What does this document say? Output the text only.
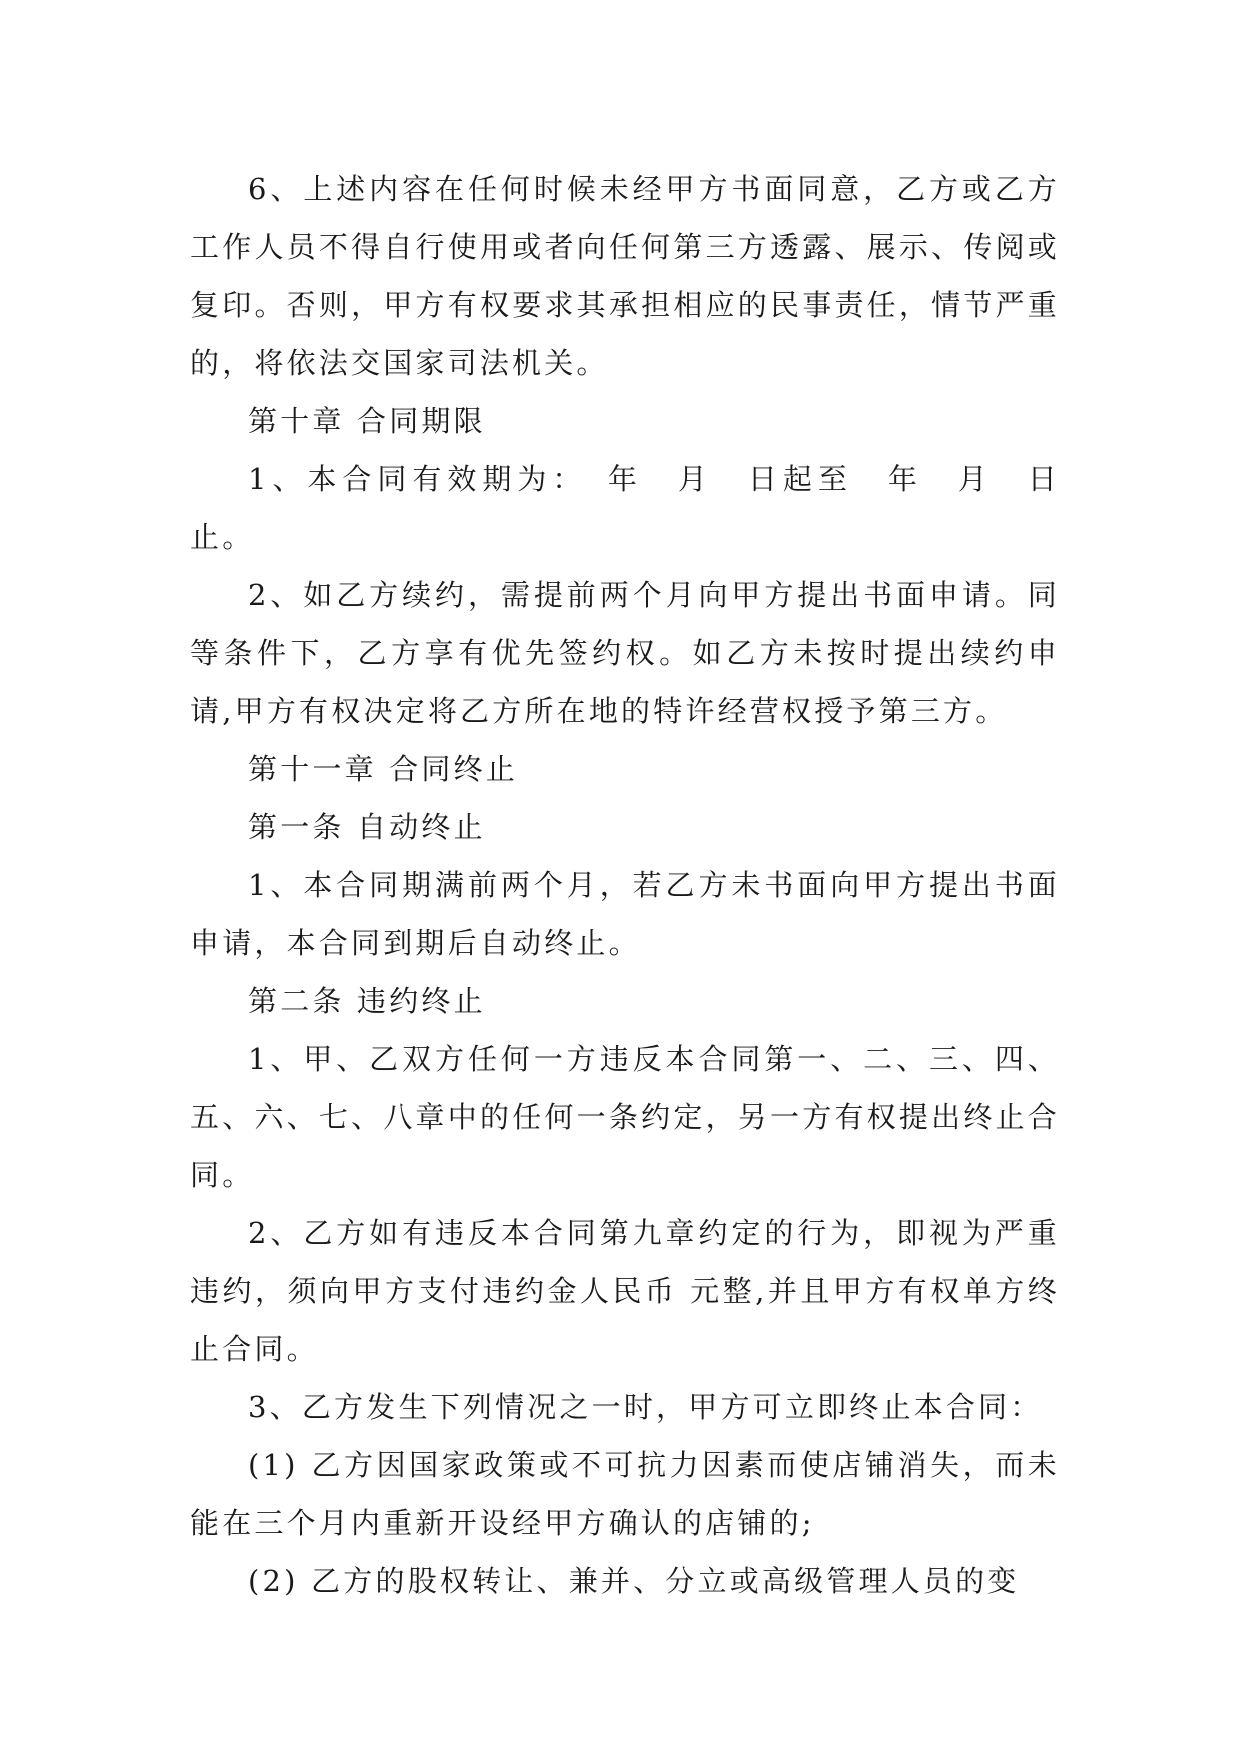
6、上述内容在任何时候未经甲方书面同意，乙方或乙方工作人员不得自行使用或者向任何第三方透露、展示、传阅或复印。否则，甲方有权要求其承担相应的民事责任，情节严重的，将依法交国家司法机关。

第十章 合同期限

1、本合同有效期为：　年　月　日起至　年　月　日止。

2、如乙方续约，需提前两个月向甲方提出书面申请。同等条件下，乙方享有优先签约权。如乙方未按时提出续约申请,甲方有权决定将乙方所在地的特许经营权授予第三方。

第十一章 合同终止

第一条 自动终止

1、本合同期满前两个月，若乙方未书面向甲方提出书面申请，本合同到期后自动终止。

第二条 违约终止

1、甲、乙双方任何一方违反本合同第一、二、三、四、五、六、七、八章中的任何一条约定，另一方有权提出终止合同。

2、乙方如有违反本合同第九章约定的行为，即视为严重违约，须向甲方支付违约金人民币 元整,并且甲方有权单方终止合同。

3、乙方发生下列情况之一时，甲方可立即终止本合同：

(1) 乙方因国家政策或不可抗力因素而使店铺消失，而未能在三个月内重新开设经甲方确认的店铺的;

(2) 乙方的股权转让、兼并、分立或高级管理人员的变
